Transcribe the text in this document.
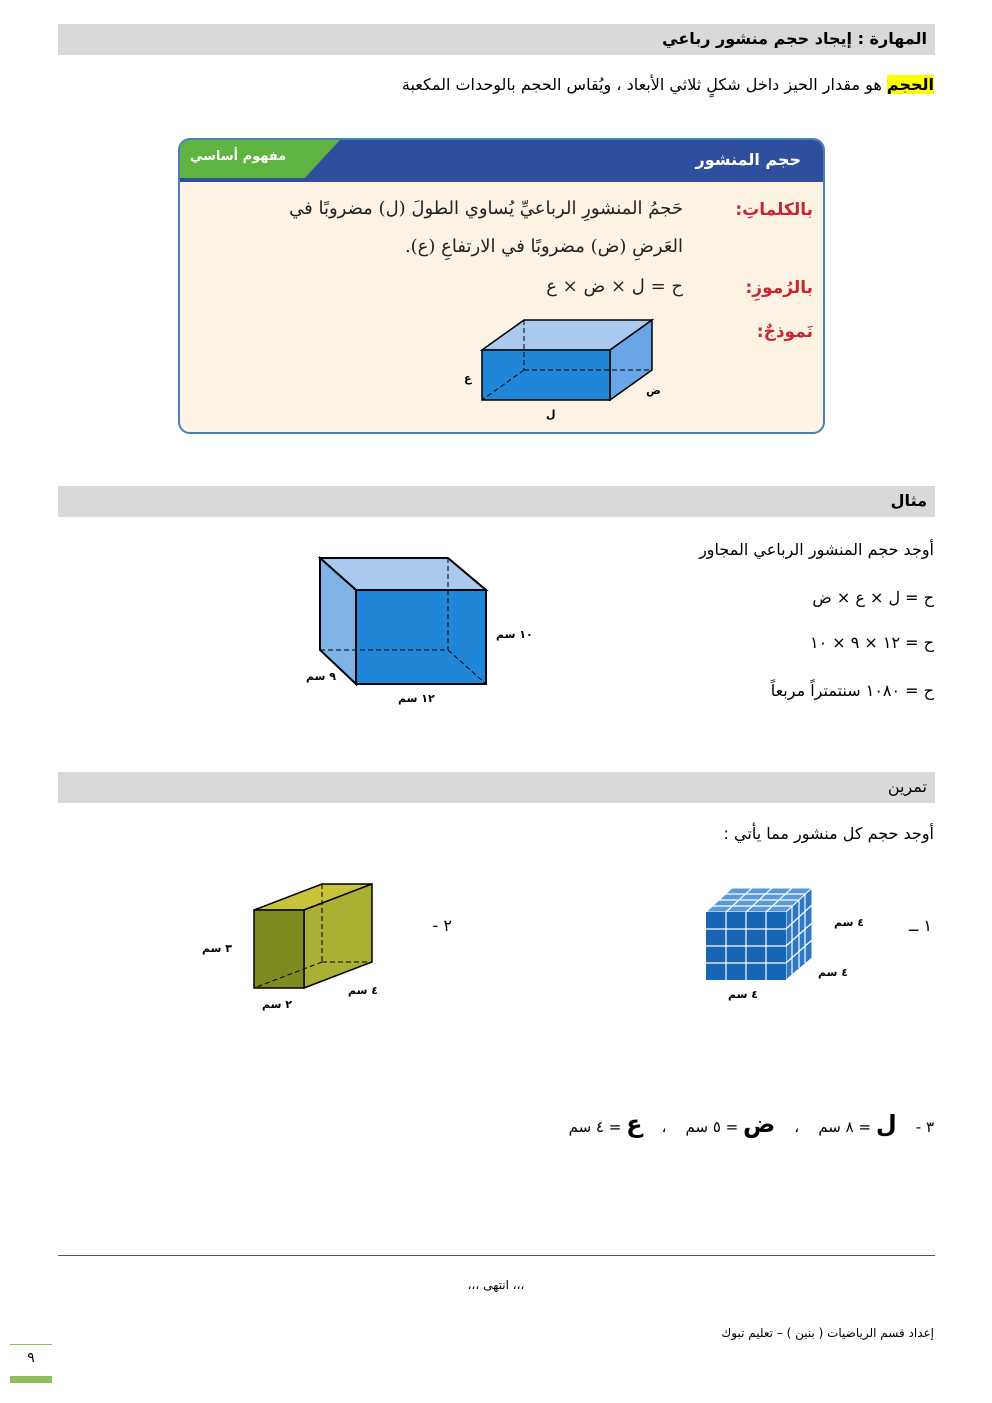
المهارة : إيجاد حجم منشور رباعي
الحجم هو مقدار الحيز داخل شكلٍ ثلاثي الأبعاد ، ويُقاس الحجم بالوحدات المكعبة
مفهوم أساسي	حجم المنشور
بالكلماتِ:
حَجمُ المنشورِ الرباعيِّ يُساوي الطولَ (ل) مضروبًا في
العَرضِ (ض) مضروبًا في الارتفاعِ (ع).
بالرُموزِ:
ح = ل × ض × ع
نَموذجٌ:
ع
ض
ل
مثال
أوجد حجم المنشور الرباعي المجاور
ح = ل × ع × ض
ح = ١٢ × ٩ × ١٠
ح = ١٠٨٠ سنتمتراً مربعاً
١٠ سم
٩ سم
١٢ سم
تمرين
أوجد حجم كل منشور مما يأتي :
١ ــ
٤ سم
٤ سم
٤ سم
٢ -
٣ سم
٤ سم
٢ سم
٣ -    ل = ٨ سم    ،    ض = ٥ سم    ،    ع = ٤ سم
،،، انتهى ،،،
إعداد قسم الرياضيات ( بنين ) – تعليم تبوك
٩
